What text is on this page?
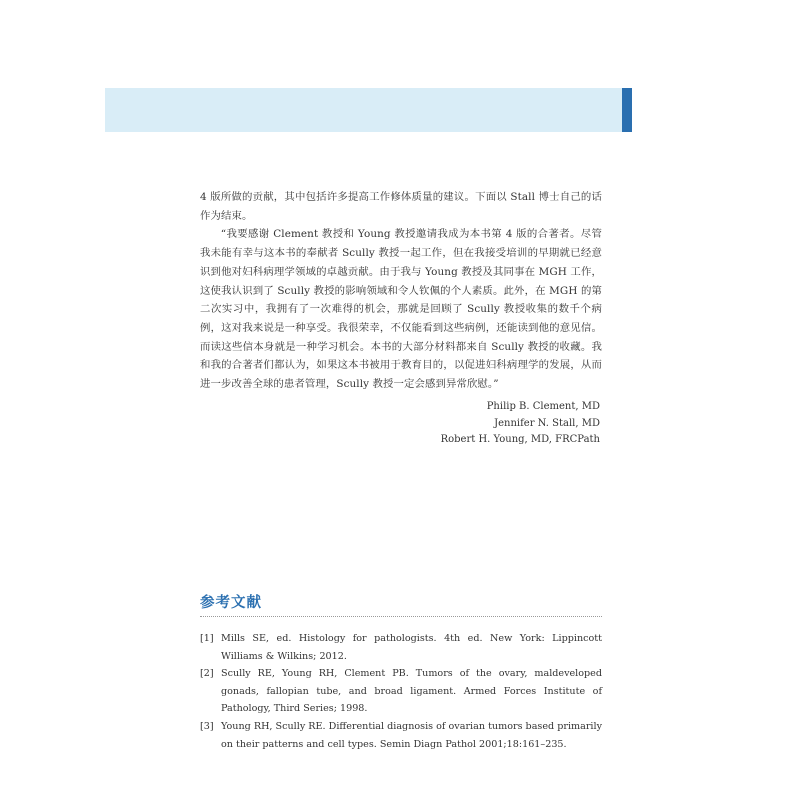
4 版所做的贡献，其中包括许多提高工作修体质量的建议。下面以 Stall 博士自己的话作为结束。

“我要感谢 Clement 教授和 Young 教授邀请我成为本书第 4 版的合著者。尽管我未能有幸与这本书的奉献者 Scully 教授一起工作，但在我接受培训的早期就已经意识到他对妇科病理学领域的卓越贡献。由于我与 Young 教授及其同事在 MGH 工作，这使我认识到了 Scully 教授的影响领域和令人钦佩的个人素质。此外，在 MGH 的第二次实习中，我拥有了一次难得的机会，那就是回顾了 Scully 教授收集的数千个病例，这对我来说是一种享受。我很荣幸，不仅能看到这些病例，还能读到他的意见信。而读这些信本身就是一种学习机会。本书的大部分材料都来自 Scully 教授的收藏。我和我的合著者们都认为，如果这本书被用于教育目的，以促进妇科病理学的发展，从而进一步改善全球的患者管理，Scully 教授一定会感到异常欣慰。”

Philip B. Clement, MD
Jennifer N. Stall, MD
Robert H. Young, MD, FRCPath
参考文献
[1] Mills SE, ed. Histology for pathologists. 4th ed. New York: Lippincott Williams & Wilkins; 2012.
[2] Scully RE, Young RH, Clement PB. Tumors of the ovary, maldeveloped gonads, fallopian tube, and broad ligament. Armed Forces Institute of Pathology, Third Series; 1998.
[3] Young RH, Scully RE. Differential diagnosis of ovarian tumors based primarily on their patterns and cell types. Semin Diagn Pathol 2001;18:161–235.
